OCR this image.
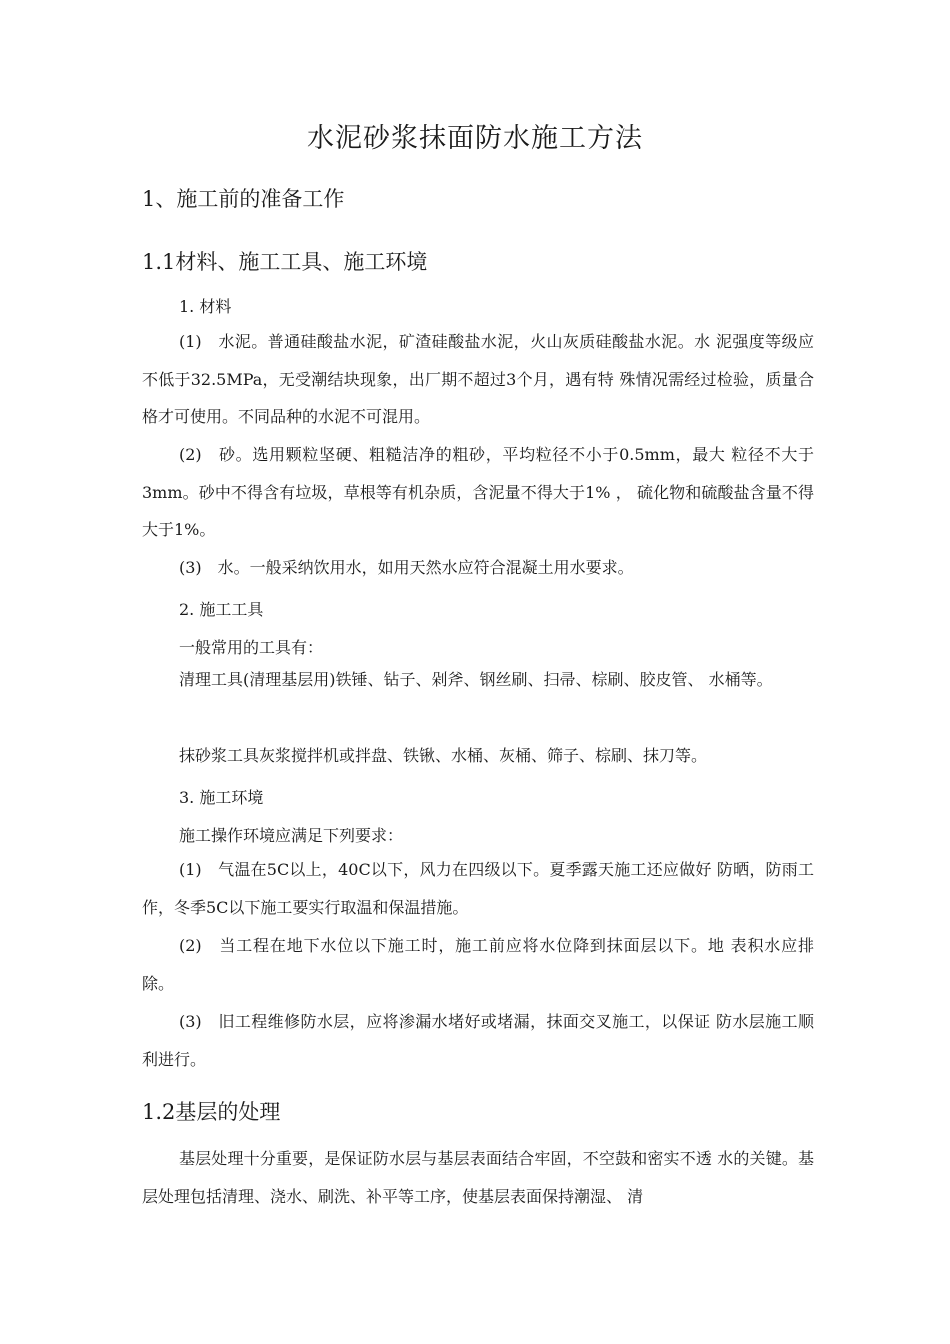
水泥砂浆抹面防水施工方法
1、施工前的准备工作
1.1材料、施工工具、施工环境
1. 材料
(1)　水泥。普通硅酸盐水泥，矿渣硅酸盐水泥，火山灰质硅酸盐水泥。水 泥强度等级应不低于32.5MPa，无受潮结块现象，出厂期不超过3个月，遇有特 殊情况需经过检验，质量合格才可使用。不同品种的水泥不可混用。
(2)　砂。选用颗粒坚硬、粗糙洁净的粗砂，平均粒径不小于0.5mm，最大 粒径不大于3mm。砂中不得含有垃圾，草根等有机杂质，含泥量不得大于1% ， 硫化物和硫酸盐含量不得大于1%。
(3)　水。一般采纳饮用水，如用天然水应符合混凝土用水要求。
2. 施工工具
一般常用的工具有：
清理工具(清理基层用)铁锤、钻子、剁斧、钢丝刷、扫帚、棕刷、胶皮管、 水桶等。
抹砂浆工具灰浆搅拌机或拌盘、铁锹、水桶、灰桶、筛子、棕刷、抹刀等。
3. 施工环境
施工操作环境应满足下列要求：
(1)　气温在5C以上，40C以下，风力在四级以下。夏季露天施工还应做好 防晒，防雨工作，冬季5C以下施工要实行取温和保温措施。
(2)　当工程在地下水位以下施工时，施工前应将水位降到抹面层以下。地 表积水应排除。
(3)　旧工程维修防水层，应将渗漏水堵好或堵漏，抹面交叉施工，以保证 防水层施工顺利进行。
1.2基层的处理
基层处理十分重要，是保证防水层与基层表面结合牢固，不空鼓和密实不透 水的关键。基层处理包括清理、浇水、刷洗、补平等工序，使基层表面保持潮湿、 清
